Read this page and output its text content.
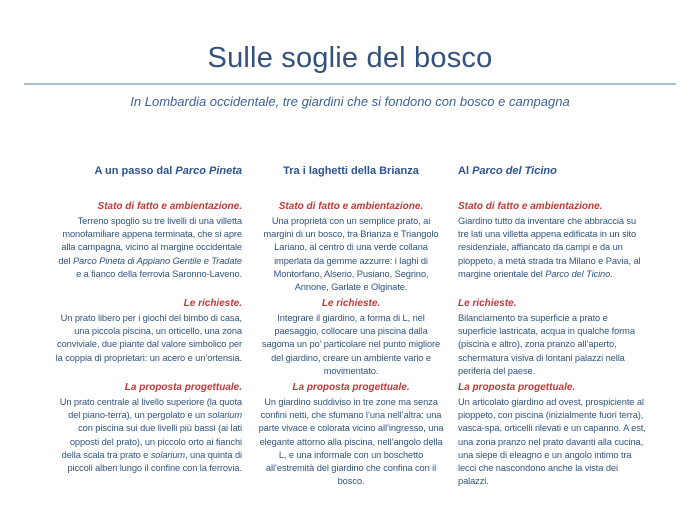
Sulle soglie del bosco

In Lombardia occidentale, tre giardini che si fondono con bosco e campagna

A un passo dal Parco Pineta
Stato di fatto e ambientazione.

Terreno spoglio su tre livelli di una villetta monofamiliare appena terminata, che si apre alla campagna, vicino al margine occidentale del Parco Pineta di Appiano Gentile e Tradate e a fianco della ferrovia Saronno-Laveno.

Le richieste.

Un prato libero per i giochi del bimbo di casa, una piccola piscina, un orticello, una zona conviviale, due piante dal valore simbolico per la coppia di proprietari: un acero e un’ortensia.

La proposta progettuale.

Un prato centrale al livello superiore (la quota del piano-terra), un pergolato e un solarium con piscina sui due livelli più bassi (ai lati opposti del prato), un piccolo orto ai fianchi della scala tra prato e solarium, una quinta di piccoli alberi lungo il confine con la ferrovia.

Tra i laghetti della Brianza
Stato di fatto e ambientazione.

Una proprietà con un semplice prato, ai margini di un bosco, tra Brianza e Triangolo Lariano, al centro di una verde collana imperlata da gemme azzurre: i laghi di Montorfano, Alserio, Pusiano, Segrino, Annone, Garlate e Olginate.

Le richieste.

Integrare il giardino, a forma di L, nel paesaggio, collocare una piscina dalla sagoma un po’ particolare nel punto migliore del giardino, creare un ambiente vario e movimentato.

La proposta progettuale.

Un giardino suddiviso in tre zone ma senza confini netti, che sfumano l’una nell’altra: una parte vivace e colorata vicino all’ingresso, una elegante attorno alla piscina, nell’angolo della L, e una informale con un boschetto all’estremità del giardino che confina con il bosco.

Al Parco del Ticino
Stato di fatto e ambientazione.

Giardino tutto da inventare che abbraccia su tre lati una villetta appena edificata in un sito residenziale, affiancato da campi e da un pioppeto, a metà strada tra Milano e Pavia, al margine orientale del Parco del Ticino.

Le richieste.

Bilanciamento tra superficie a prato e superficie lastricata, acqua in qualche forma (piscina e altro), zona pranzo all’aperto, schermatura visiva di lontani palazzi nella periferia del paese.

La proposta progettuale.

Un articolato giardino ad ovest, prospiciente al pioppeto, con piscina (inizialmente fuori terra), vasca-spa, orticelli rilevati e un capanno. A est, una zona pranzo nel prato davanti alla cucina, una siepe di eleagno e un angolo intimo tra lecci che nascondono anche la vista dei palazzi.
